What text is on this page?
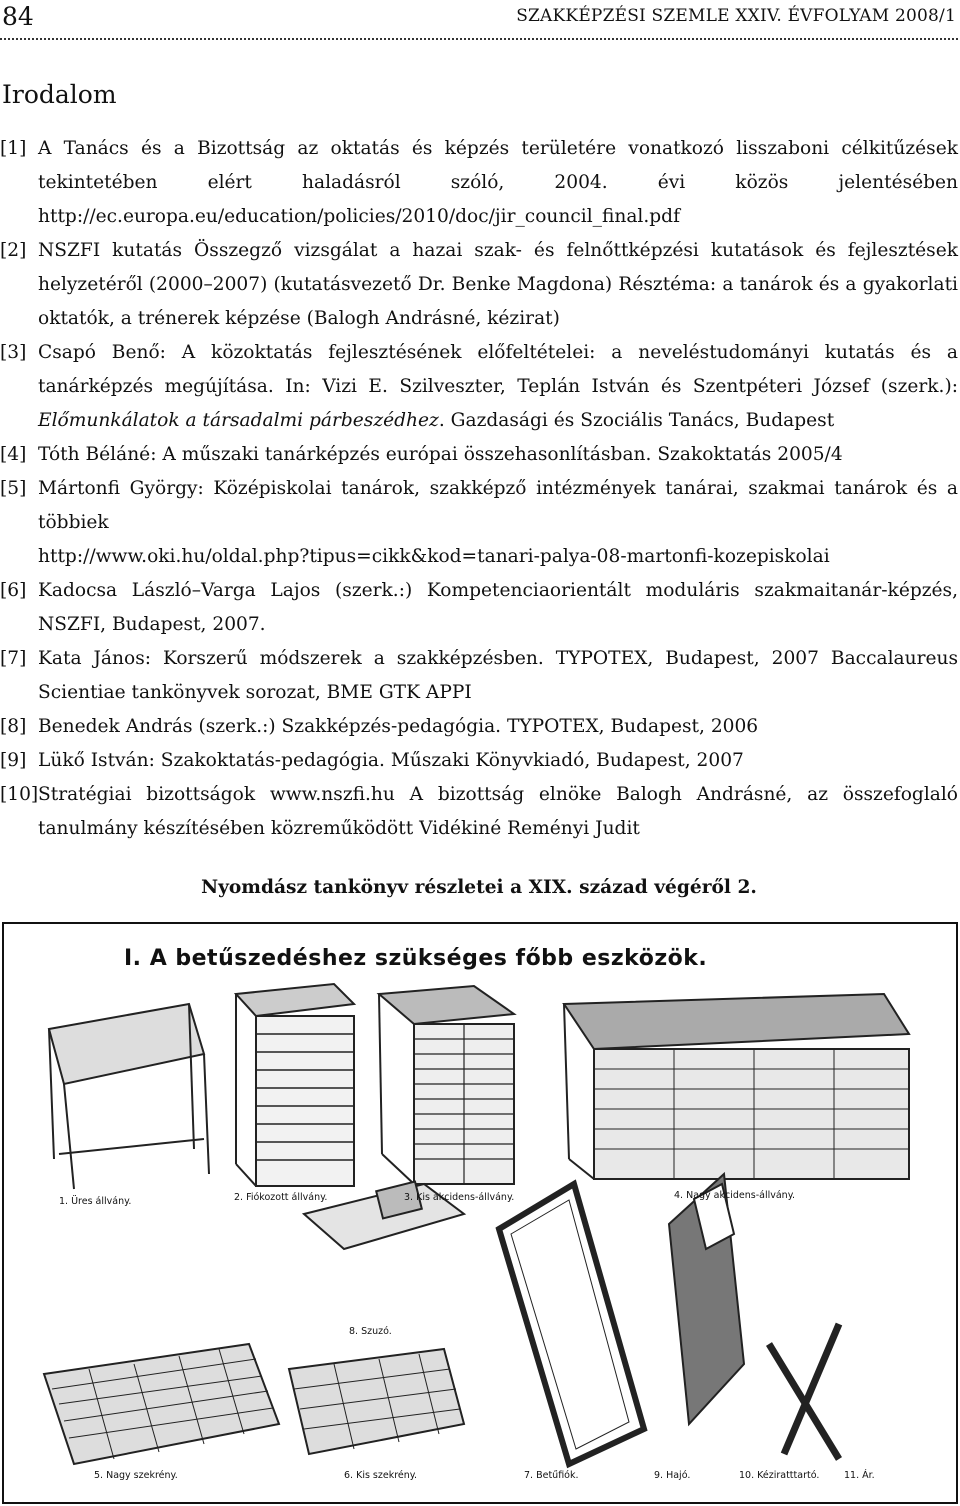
84	SZAKKÉPZÉSI SZEMLE XXIV. ÉVFOLYAM 2008/1
Irodalom
[1] A Tanács és a Bizottság az oktatás és képzés területére vonatkozó lisszaboni célkitűzések tekintetében elért haladásról szóló, 2004. évi közös jelentésében http://ec.europa.eu/education/policies/2010/doc/jir_council_final.pdf
[2] NSZFI kutatás Összegző vizsgálat a hazai szak- és felnőttképzési kutatások és fejlesztések helyzetéről (2000–2007) (kutatásvezető Dr. Benke Magdona) Résztéma: a tanárok és a gyakorlati oktatók, a trénerek képzése (Balogh Andrásné, kézirat)
[3] Csapó Benő: A közoktatás fejlesztésének előfeltételei: a neveléstudományi kutatás és a tanárképzés megújítása. In: Vizi E. Szilveszter, Teplán István és Szentpéteri József (szerk.): Előmunkálatok a társadalmi párbeszédhez. Gazdasági és Szociális Tanács, Budapest
[4] Tóth Béláné: A műszaki tanárképzés európai összehasonlításban. Szakoktatás 2005/4
[5] Mártonfi György: Középiskolai tanárok, szakképző intézmények tanárai, szakmai tanárok és a többiek
http://www.oki.hu/oldal.php?tipus=cikk&kod=tanari-palya-08-martonfi-kozepiskolai
[6] Kadocsa László–Varga Lajos (szerk.:) Kompetenciaorientált moduláris szakmaitanár-képzés, NSZFI, Budapest, 2007.
[7] Kata János: Korszerű módszerek a szakképzésben. TYPOTEX, Budapest, 2007 Baccalaureus Scientiae tankönyvek sorozat, BME GTK APPI
[8] Benedek András (szerk.:) Szakképzés-pedagógia. TYPOTEX, Budapest, 2006
[9] Lükő István: Szakoktatás-pedagógia. Műszaki Könyvkiadó, Budapest, 2007
[10] Stratégiai bizottságok www.nszfi.hu A bizottság elnöke Balogh Andrásné, az összefoglaló tanulmány készítésében közreműködött Vidékiné Reményi Judit
Nyomdász tankönyv részletei a XIX. század végéről 2.
I. A betűszedéshez szükséges főbb eszközök.
1. Üres állvány.	2. Fiókozott állvány.	3. Kis akcidens-állvány.	4. Nagy akcidens-állvány.
8. Szuzó.
5. Nagy szekrény.	6. Kis szekrény.	7. Betűfiók.	9. Hajó.	10. Kéziratttartó.	11. Ár.
